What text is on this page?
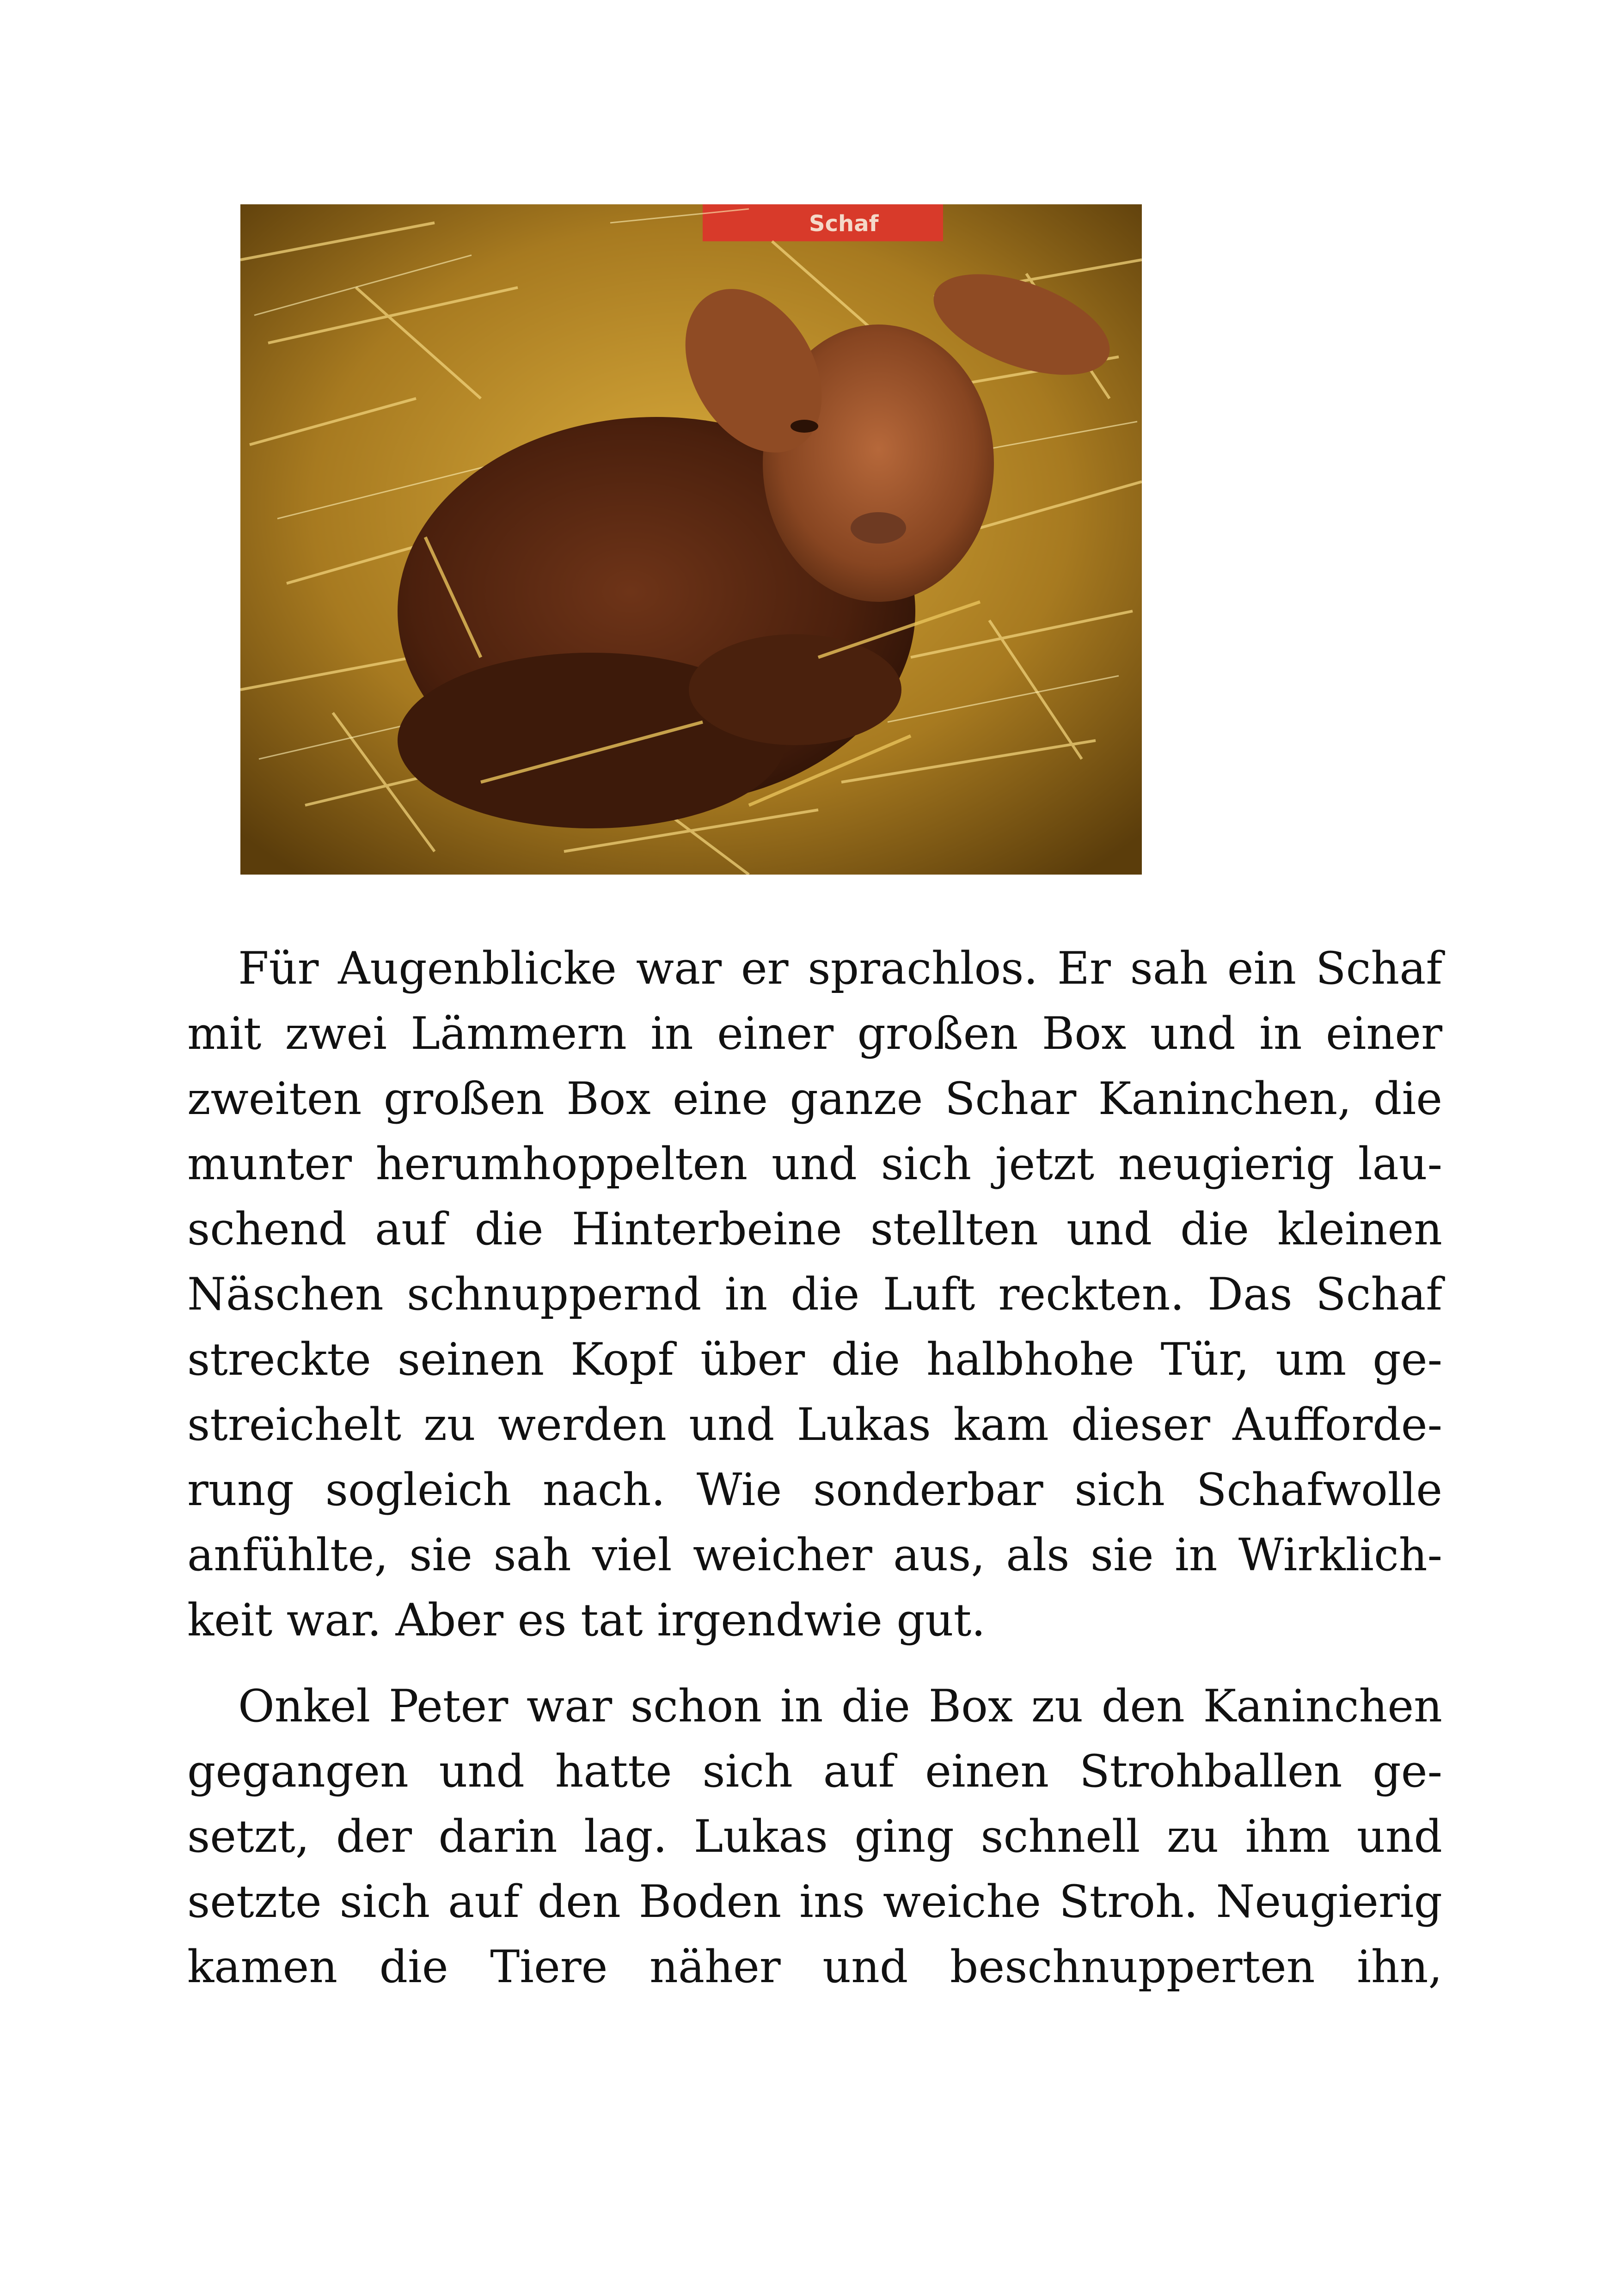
Schaf

Für Augenblicke war er sprachlos. Er sah ein Schaf
mit zwei Lämmern in einer großen Box und in einer
zweiten großen Box eine ganze Schar Kaninchen, die
munter herumhoppelten und sich jetzt neugierig lau-
schend auf die Hinterbeine stellten und die kleinen
Näschen schnuppernd in die Luft reckten. Das Schaf
streckte seinen Kopf über die halbhohe Tür, um ge-
streichelt zu werden und Lukas kam dieser Aufforde-
rung sogleich nach. Wie sonderbar sich Schafwolle
anfühlte, sie sah viel weicher aus, als sie in Wirklich-
keit war. Aber es tat irgendwie gut.

Onkel Peter war schon in die Box zu den Kaninchen
gegangen und hatte sich auf einen Strohballen ge-
setzt, der darin lag. Lukas ging schnell zu ihm und
setzte sich auf den Boden ins weiche Stroh. Neugierig
kamen die Tiere näher und beschnupperten ihn,
